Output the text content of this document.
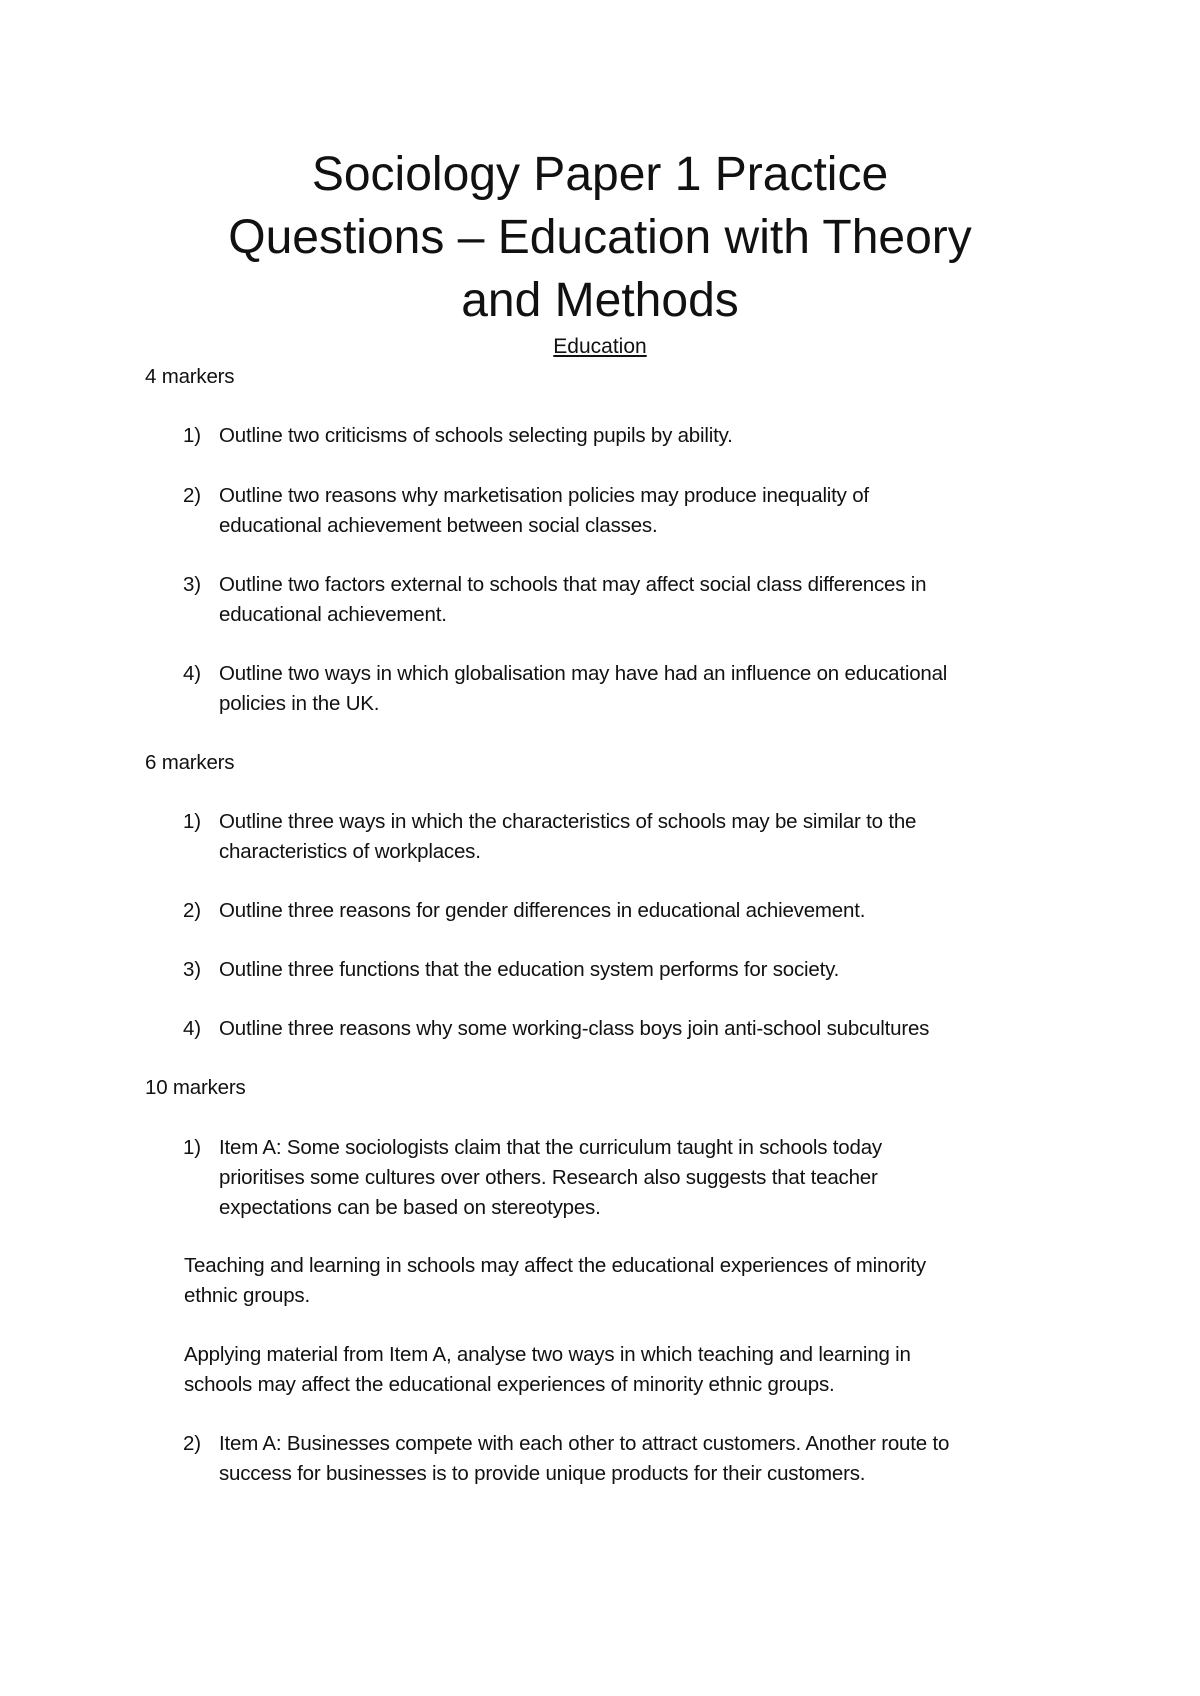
Sociology Paper 1 Practice
Questions – Education with Theory
and Methods
Education
4 markers
1) Outline two criticisms of schools selecting pupils by ability.
2) Outline two reasons why marketisation policies may produce inequality of
educational achievement between social classes.
3) Outline two factors external to schools that may affect social class differences in
educational achievement.
4) Outline two ways in which globalisation may have had an influence on educational
policies in the UK.
6 markers
1) Outline three ways in which the characteristics of schools may be similar to the
characteristics of workplaces.
2) Outline three reasons for gender differences in educational achievement.
3) Outline three functions that the education system performs for society.
4) Outline three reasons why some working-class boys join anti-school subcultures
10 markers
1) Item A: Some sociologists claim that the curriculum taught in schools today
prioritises some cultures over others. Research also suggests that teacher
expectations can be based on stereotypes.
Teaching and learning in schools may affect the educational experiences of minority
ethnic groups.
Applying material from Item A, analyse two ways in which teaching and learning in
schools may affect the educational experiences of minority ethnic groups.
2) Item A: Businesses compete with each other to attract customers. Another route to
success for businesses is to provide unique products for their customers.
